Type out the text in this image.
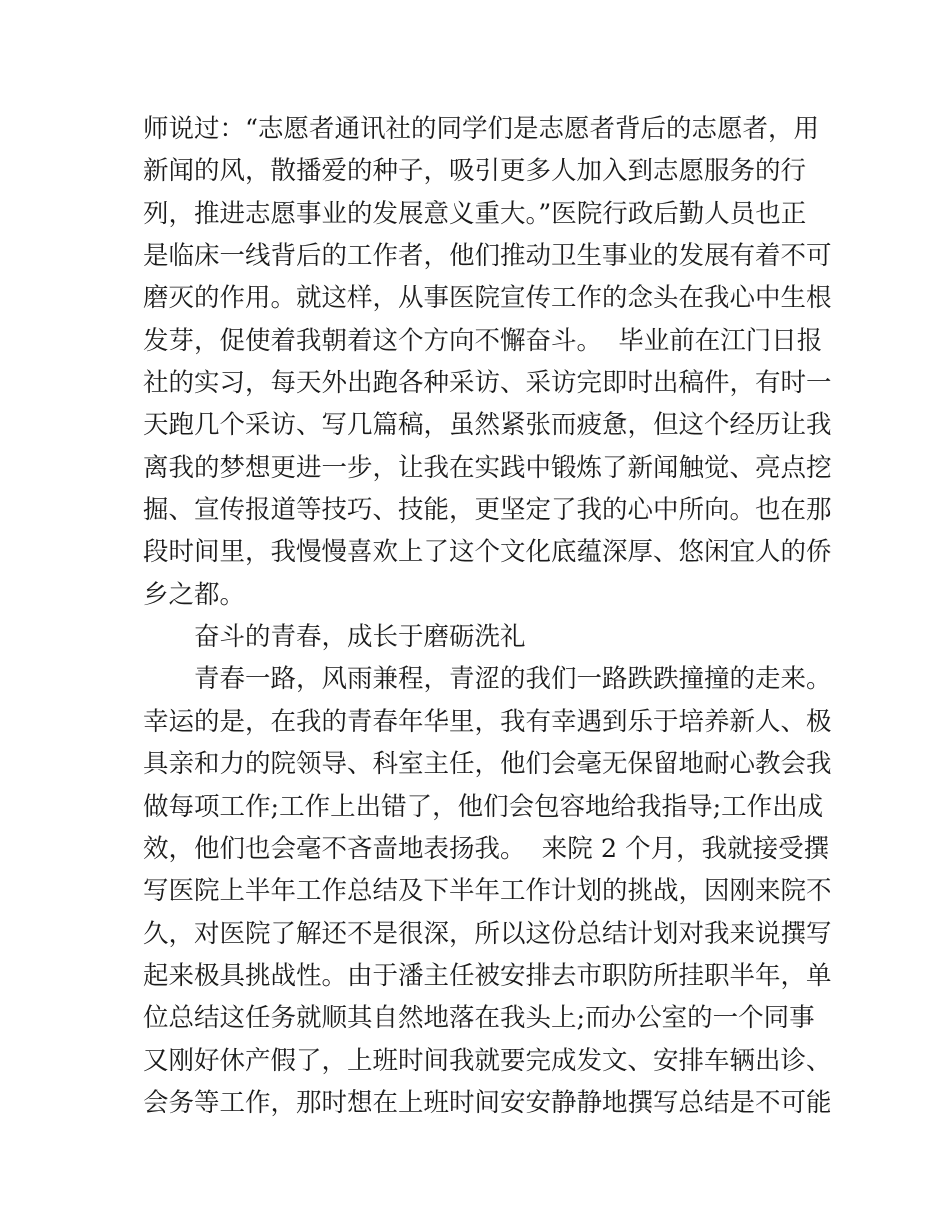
师说过：“志愿者通讯社的同学们是志愿者背后的志愿者，用
新闻的风，散播爱的种子，吸引更多人加入到志愿服务的行
列，推进志愿事业的发展意义重大。”医院行政后勤人员也正
是临床一线背后的工作者，他们推动卫生事业的发展有着不可
磨灭的作用。就这样，从事医院宣传工作的念头在我心中生根
发芽，促使着我朝着这个方向不懈奋斗。  毕业前在江门日报
社的实习，每天外出跑各种采访、采访完即时出稿件，有时一
天跑几个采访、写几篇稿，虽然紧张而疲惫，但这个经历让我
离我的梦想更进一步，让我在实践中锻炼了新闻触觉、亮点挖
掘、宣传报道等技巧、技能，更坚定了我的心中所向。也在那
段时间里，我慢慢喜欢上了这个文化底蕴深厚、悠闲宜人的侨
乡之都。
奋斗的青春，成长于磨砺洗礼
青春一路，风雨兼程，青涩的我们一路跌跌撞撞的走来。
幸运的是，在我的青春年华里，我有幸遇到乐于培养新人、极
具亲和力的院领导、科室主任，他们会毫无保留地耐心教会我
做每项工作;工作上出错了，他们会包容地给我指导;工作出成
效，他们也会毫不吝啬地表扬我。  来院 2 个月，我就接受撰
写医院上半年工作总结及下半年工作计划的挑战，因刚来院不
久，对医院了解还不是很深，所以这份总结计划对我来说撰写
起来极具挑战性。由于潘主任被安排去市职防所挂职半年，单
位总结这任务就顺其自然地落在我头上;而办公室的一个同事
又刚好休产假了，上班时间我就要完成发文、安排车辆出诊、
会务等工作，那时想在上班时间安安静静地撰写总结是不可能
